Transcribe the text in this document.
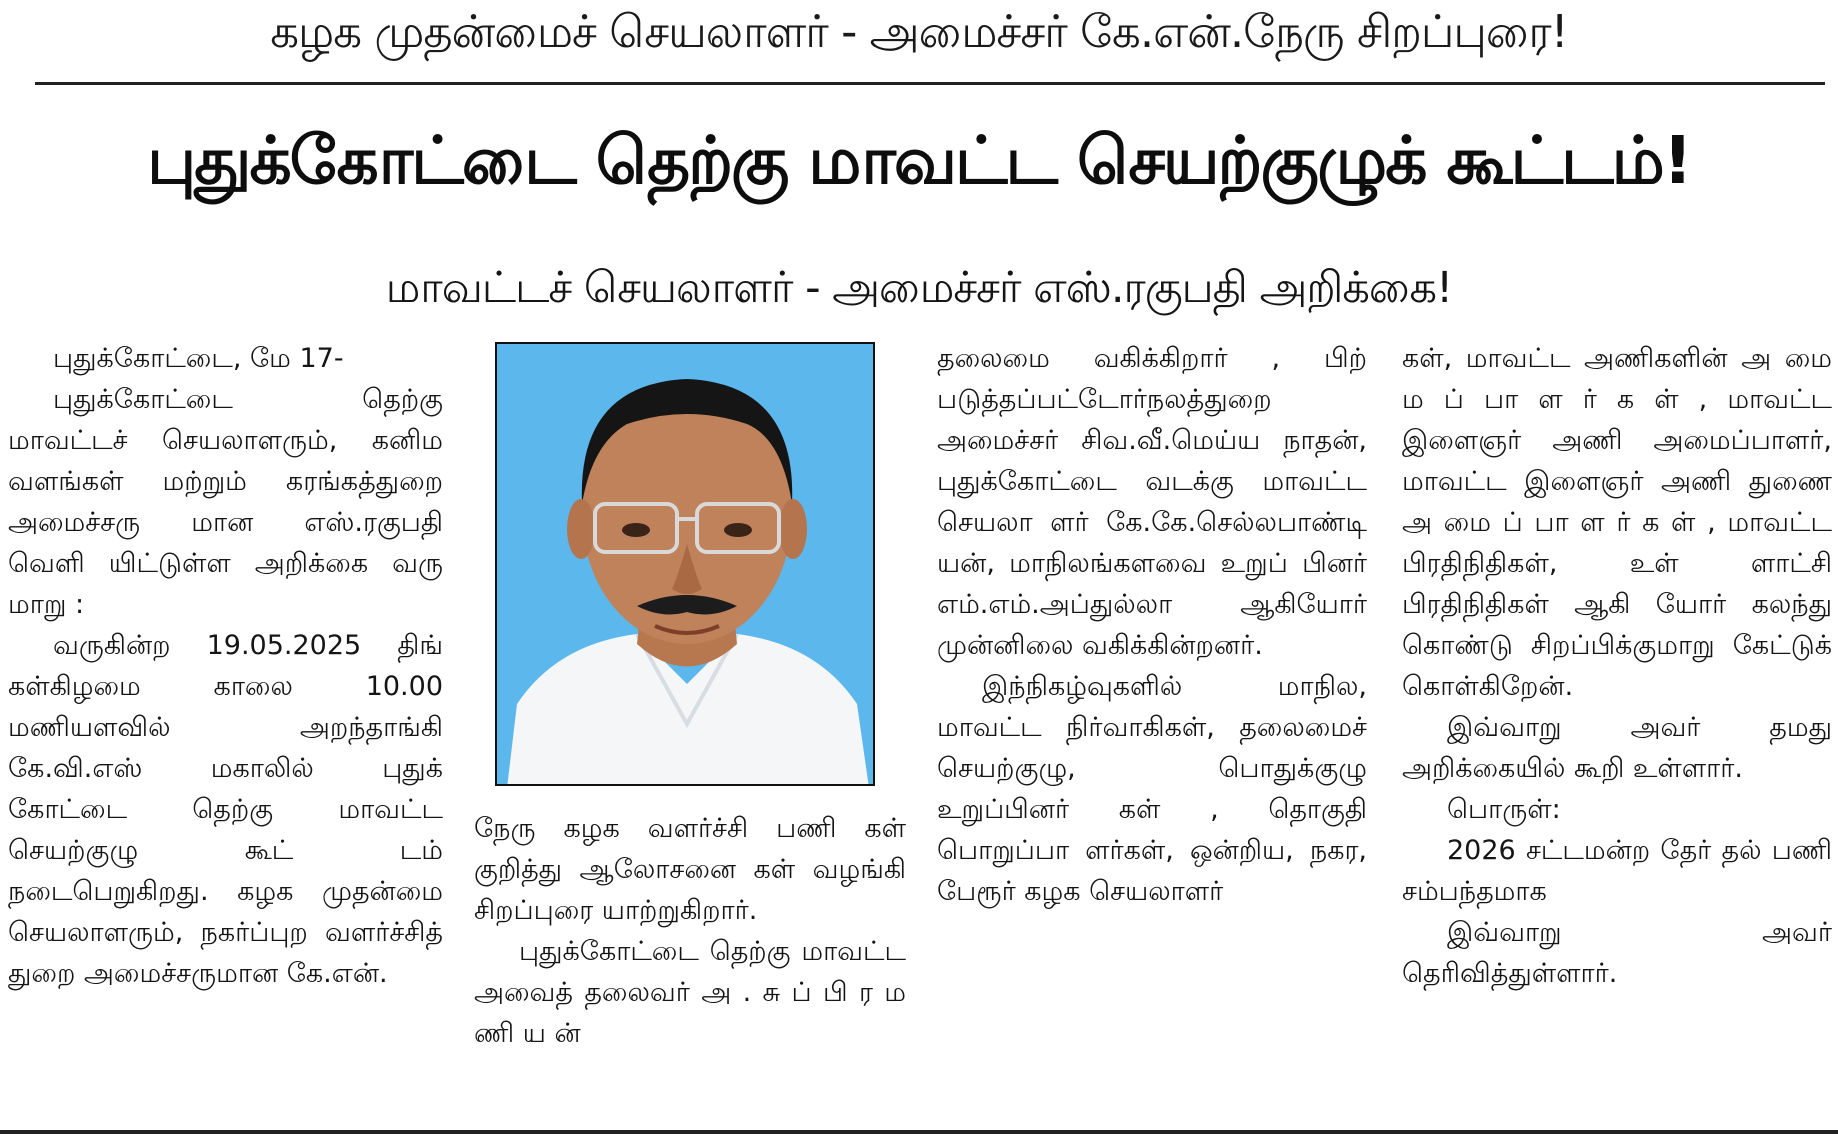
கழக முதன்மைச் செயலாளர் - அமைச்சர் கே.என்.நேரு சிறப்புரை!
புதுக்கோட்டை தெற்கு மாவட்ட செயற்குழுக் கூட்டம்!
மாவட்டச் செயலாளர் - அமைச்சர் எஸ்.ரகுபதி அறிக்கை!

புதுக்கோட்டை, மே 17-

புதுக்கோட்டை தெற்கு மாவட்டச் செயலாளரும், கனிம வளங்கள் மற்றும் கரங்கத்துறை அமைச்சரு மான எஸ்.ரகுபதி வெளி யிட்டுள்ள அறிக்கை வரு மாறு :

வருகின்ற 19.05.2025 திங் கள்கிழமை காலை 10.00 மணியளவில் அறந்தாங்கி கே.வி.எஸ் மகாலில் புதுக் கோட்டை தெற்கு மாவட்ட செயற்குழு கூட் டம் நடைபெறுகிறது. கழக முதன்மை செயலாளரும், நகர்ப்புற வளர்ச்சித் துறை அமைச்சருமான கே.என்.

நேரு கழக வளர்ச்சி பணி கள் குறித்து ஆலோசனை கள் வழங்கி சிறப்புரை யாற்றுகிறார்.

புதுக்கோட்டை தெற்கு மாவட்ட அவைத் தலைவர் அ . சு ப் பி ர ம ணி ய ன்

தலைமை வகிக்கிறார் , பிற் படுத்தப்பட்டோர்நலத்துறை அமைச்சர் சிவ.வீ.மெய்ய நாதன், புதுக்கோட்டை வடக்கு மாவட்ட செயலா ளர் கே.கே.செல்லபாண்டி யன், மாநிலங்களவை உறுப் பினர் எம்.எம்.அப்துல்லா ஆகியோர் முன்னிலை வகிக்கின்றனர்.

இந்நிகழ்வுகளில் மாநில, மாவட்ட நிர்வாகிகள், தலைமைச் செயற்குழு, பொதுக்குழு உறுப்பினர் கள் , தொகுதி பொறுப்பா ளர்கள், ஒன்றிய, நகர, பேரூர் கழக செயலாளர்

கள், மாவட்ட அணிகளின் அ மை ம ப் பா ள ர் க ள் , மாவட்ட இளைஞர் அணி அமைப்பாளர், மாவட்ட இளைஞர் அணி துணை அ மை ப் பா ள ர் க ள் , மாவட்ட பிரதிநிதிகள், உள் ளாட்சி பிரதிநிதிகள் ஆகி யோர் கலந்து கொண்டு சிறப்பிக்குமாறு கேட்டுக் கொள்கிறேன்.

இவ்வாறு அவர் தமது அறிக்கையில் கூறி உள்ளார்.

பொருள்:

2026 சட்டமன்ற தேர் தல் பணி சம்பந்தமாக

இவ்வாறு அவர் தெரிவித்துள்ளார்.
